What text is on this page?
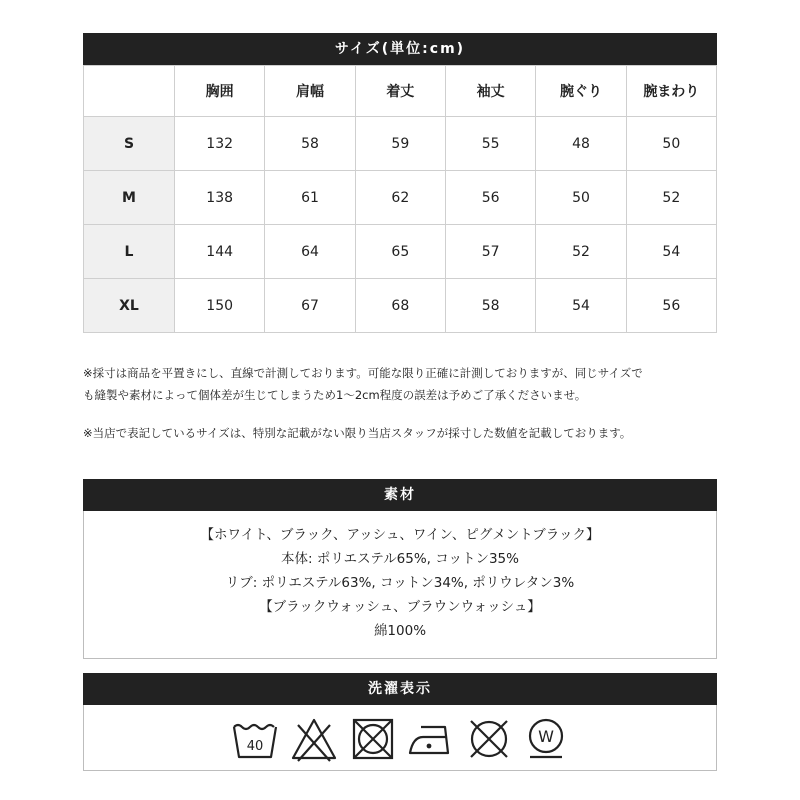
サイズ(単位:cm)
	胸囲	肩幅	着丈	袖丈	腕ぐり	腕まわり
S	132	58	59	55	48	50
M	138	61	62	56	50	52
L	144	64	65	57	52	54
XL	150	67	68	58	54	56
※採寸は商品を平置きにし、直線で計測しております。可能な限り正確に計測しておりますが、同じサイズで
も縫製や素材によって個体差が生じてしまうため1〜2cm程度の誤差は予めご了承くださいませ。
※当店で表記しているサイズは、特別な記載がない限り当店スタッフが採寸した数値を記載しております。
素材
【ホワイト、ブラック、アッシュ、ワイン、ピグメントブラック】
本体: ポリエステル65%, コットン35%
リブ: ポリエステル63%, コットン34%, ポリウレタン3%
【ブラックウォッシュ、ブラウンウォッシュ】
綿100%
洗濯表示
40
W
